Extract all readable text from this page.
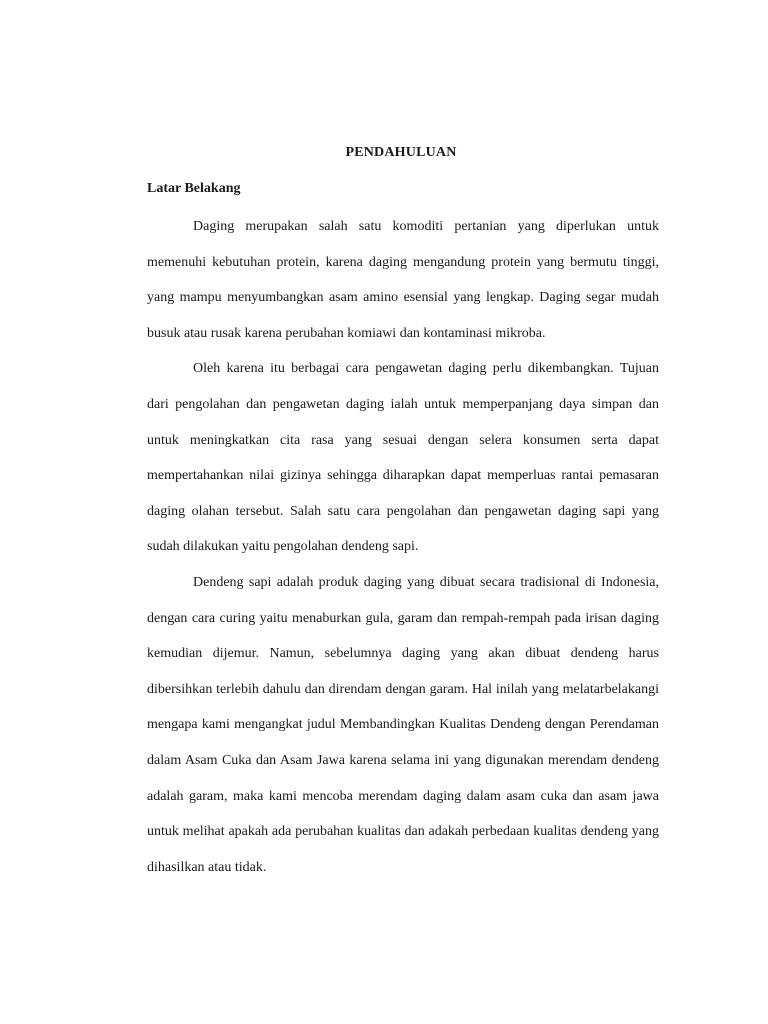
PENDAHULUAN
Latar Belakang

Daging merupakan salah satu komoditi pertanian yang diperlukan untuk memenuhi kebutuhan protein, karena daging mengandung protein yang bermutu tinggi, yang mampu menyumbangkan asam amino esensial yang lengkap. Daging segar mudah busuk atau rusak karena perubahan komiawi dan kontaminasi mikroba.

Oleh karena itu berbagai cara pengawetan daging perlu dikembangkan. Tujuan dari pengolahan dan pengawetan daging ialah untuk memperpanjang daya simpan dan untuk meningkatkan cita rasa yang sesuai dengan selera konsumen serta dapat mempertahankan nilai gizinya sehingga diharapkan dapat memperluas rantai pemasaran daging olahan tersebut. Salah satu cara pengolahan dan pengawetan daging sapi yang sudah dilakukan yaitu pengolahan dendeng sapi.

Dendeng sapi adalah produk daging yang dibuat secara tradisional di Indonesia, dengan cara curing yaitu menaburkan gula, garam dan rempah-rempah pada irisan daging kemudian dijemur. Namun, sebelumnya daging yang akan dibuat dendeng harus dibersihkan terlebih dahulu dan direndam dengan garam. Hal inilah yang melatarbelakangi mengapa kami mengangkat judul Membandingkan Kualitas Dendeng dengan Perendaman dalam Asam Cuka dan Asam Jawa karena selama ini yang digunakan merendam dendeng adalah garam, maka kami mencoba merendam daging dalam asam cuka dan asam jawa untuk melihat apakah ada perubahan kualitas dan adakah perbedaan kualitas dendeng yang dihasilkan atau tidak.
